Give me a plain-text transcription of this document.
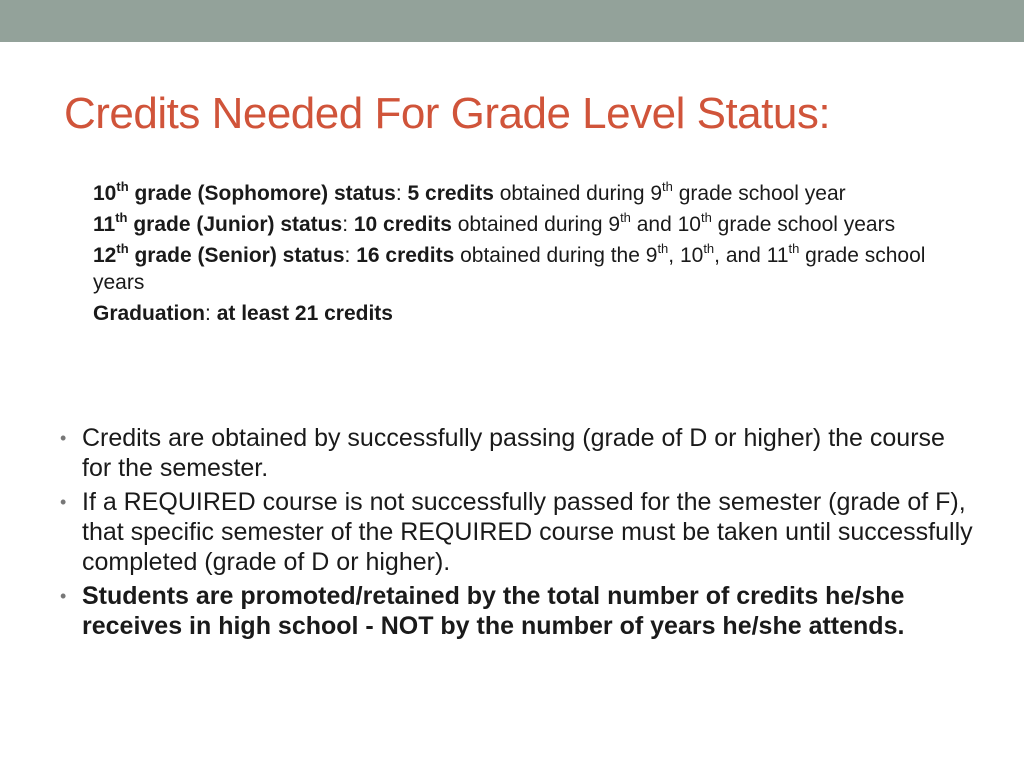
Credits Needed For Grade Level Status:
10th grade (Sophomore) status: 5 credits obtained during 9th grade school year
11th grade (Junior) status: 10 credits obtained during 9th and 10th grade school years
12th grade (Senior) status: 16 credits obtained during the 9th, 10th, and 11th grade school years
Graduation: at least 21 credits
• Credits are obtained by successfully passing (grade of D or higher) the course for the semester.
• If a REQUIRED course is not successfully passed for the semester (grade of F), that specific semester of the REQUIRED course must be taken until successfully completed (grade of D or higher).
• Students are promoted/retained by the total number of credits he/she receives in high school - NOT by the number of years he/she attends.
